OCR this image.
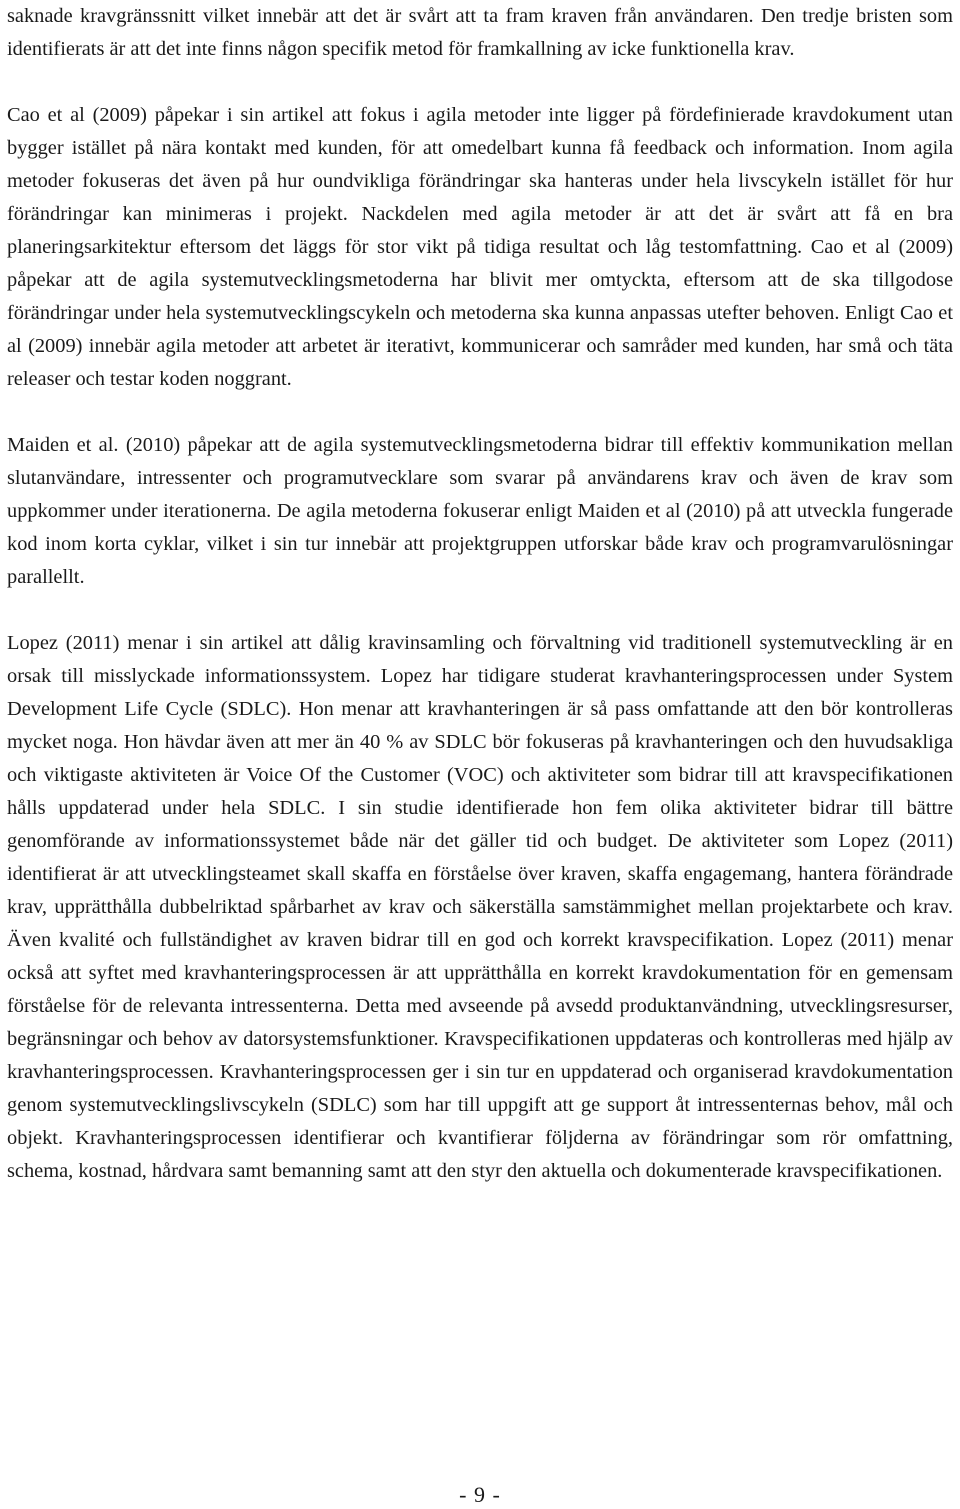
saknade kravgränssnitt vilket innebär att det är svårt att ta fram kraven från användaren. Den tredje bristen som identifierats är att det inte finns någon specifik metod för framkallning av icke funktionella krav.

Cao et al (2009) påpekar i sin artikel att fokus i agila metoder inte ligger på fördefinierade kravdokument utan bygger istället på nära kontakt med kunden, för att omedelbart kunna få feedback och information. Inom agila metoder fokuseras det även på hur oundvikliga förändringar ska hanteras under hela livscykeln istället för hur förändringar kan minimeras i projekt. Nackdelen med agila metoder är att det är svårt att få en bra planeringsarkitektur eftersom det läggs för stor vikt på tidiga resultat och låg testomfattning. Cao et al (2009) påpekar att de agila systemutvecklingsmetoderna har blivit mer omtyckta, eftersom att de ska tillgodose förändringar under hela systemutvecklingscykeln och metoderna ska kunna anpassas utefter behoven. Enligt Cao et al (2009) innebär agila metoder att arbetet är iterativt, kommunicerar och samråder med kunden, har små och täta releaser och testar koden noggrant.

Maiden et al. (2010) påpekar att de agila systemutvecklingsmetoderna bidrar till effektiv kommunikation mellan slutanvändare, intressenter och programutvecklare som svarar på användarens krav och även de krav som uppkommer under iterationerna. De agila metoderna fokuserar enligt Maiden et al (2010) på att utveckla fungerade kod inom korta cyklar, vilket i sin tur innebär att projektgruppen utforskar både krav och programvarulösningar parallellt.

Lopez (2011) menar i sin artikel att dålig kravinsamling och förvaltning vid traditionell systemutveckling är en orsak till misslyckade informationssystem. Lopez har tidigare studerat kravhanteringsprocessen under System Development Life Cycle (SDLC). Hon menar att kravhanteringen är så pass omfattande att den bör kontrolleras mycket noga. Hon hävdar även att mer än 40 % av SDLC bör fokuseras på kravhanteringen och den huvudsakliga och viktigaste aktiviteten är Voice Of the Customer (VOC) och aktiviteter som bidrar till att kravspecifikationen hålls uppdaterad under hela SDLC. I sin studie identifierade hon fem olika aktiviteter bidrar till bättre genomförande av informationssystemet både när det gäller tid och budget. De aktiviteter som Lopez (2011) identifierat är att utvecklingsteamet skall skaffa en förståelse över kraven, skaffa engagemang, hantera förändrade krav, upprätthålla dubbelriktad spårbarhet av krav och säkerställa samstämmighet mellan projektarbete och krav. Även kvalité och fullständighet av kraven bidrar till en god och korrekt kravspecifikation. Lopez (2011) menar också att syftet med kravhanteringsprocessen är att upprätthålla en korrekt kravdokumentation för en gemensam förståelse för de relevanta intressenterna. Detta med avseende på avsedd produktanvändning, utvecklingsresurser, begränsningar och behov av datorsystemsfunktioner. Kravspecifikationen uppdateras och kontrolleras med hjälp av kravhanteringsprocessen. Kravhanteringsprocessen ger i sin tur en uppdaterad och organiserad kravdokumentation genom systemutvecklingslivscykeln (SDLC) som har till uppgift att ge support åt intressenternas behov, mål och objekt. Kravhanteringsprocessen identifierar och kvantifierar följderna av förändringar som rör omfattning, schema, kostnad, hårdvara samt bemanning samt att den styr den aktuella och dokumenterade kravspecifikationen.

- 9 -
